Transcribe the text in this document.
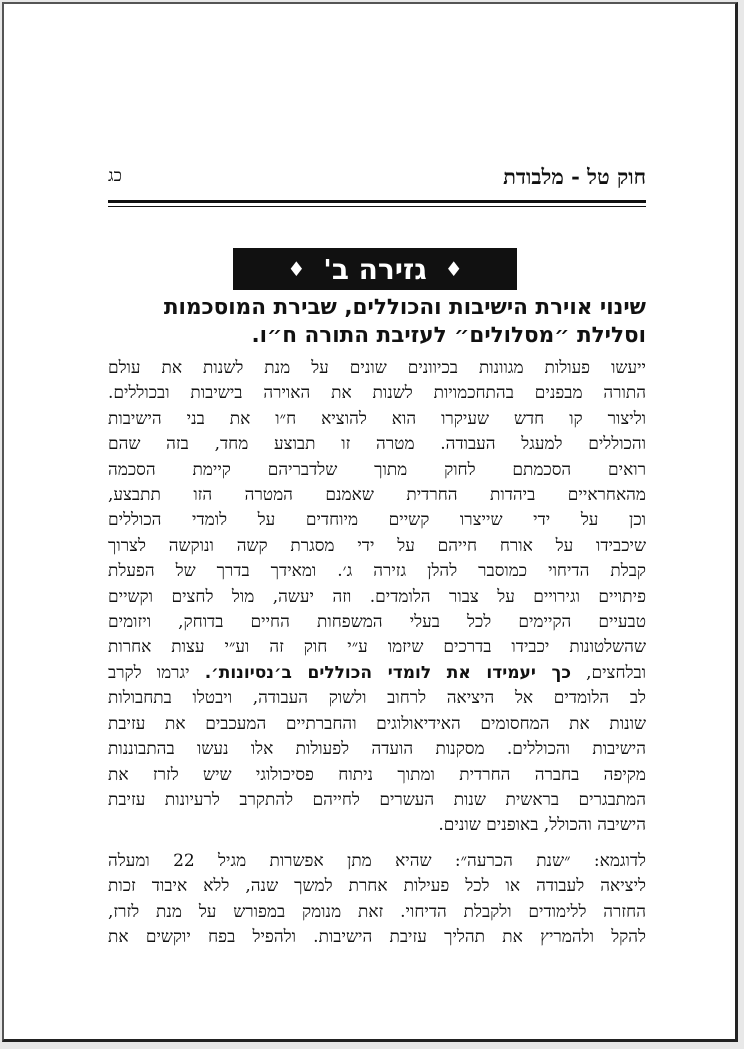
חוק טל - מלבודת
כג
♦
גזירה ב'
♦
שינוי אוירת הישיבות והכוללים, שבירת המוסכמות
וסלילת ״מסלולים״ לעזיבת התורה ח״ו.
ייעשו פעולות מגוונות בכיוונים שונים על מנת לשנות את עולם
התורה מבפנים בהתחכמויות לשנות את האוירה בישיבות ובכוללים.
וליצור קו חדש שעיקרו הוא להוציא ח״ו את בני הישיבות
והכוללים למעגל העבודה. מטרה זו תבוצע מחד, בזה שהם
רואים הסכמתם לחוק מתוך שלדבריהם קיימת הסכמה
מהאחראיים ביהדות החרדית שאמנם המטרה הזו תתבצע,
וכן על ידי שייצרו קשיים מיוחדים על לומדי הכוללים
שיכבידו על אורח חייהם על ידי מסגרת קשה ונוקשה לצרוך
קבלת הדיחוי כמוסבר להלן גזירה ג׳. ומאידך בדרך של הפעלת
פיתויים וגירויים על צבור הלומדים. וזה יעשה, מול לחצים וקשיים
טבעיים הקיימים לכל בעלי המשפחות החיים בדוחק, ויזומים
שהשלטונות יכבידו בדרכים שיזמו ע״י חוק זה וע״י עצות אחרות
ובלחצים, כך יעמידו את לומדי הכוללים ב׳נסיונות׳. יגרמו לקרב
לב הלומדים אל היציאה לרחוב ולשוק העבודה, ויבטלו בתחבולות
שונות את המחסומים האידיאולוגים והחברתיים המעכבים את עזיבת
הישיבות והכוללים. מסקנות הועדה לפעולות אלו נעשו בהתבוננות
מקיפה בחברה החרדית ומתוך ניתוח פסיכולוגי שיש לזרז את
המתבגרים בראשית שנות העשרים לחייהם להתקרב לרעיונות עזיבת
הישיבה והכולל, באופנים שונים.
לדוגמא: ״שנת הכרעה״: שהיא מתן אפשרות מגיל 22 ומעלה
ליציאה לעבודה או לכל פעילות אחרת למשך שנה, ללא איבוד זכות
החזרה ללימודים ולקבלת הדיחוי. זאת מנומק במפורש על מנת לזרז,
להקל ולהמריץ את תהליך עזיבת הישיבות. ולהפיל בפח יוקשים את
